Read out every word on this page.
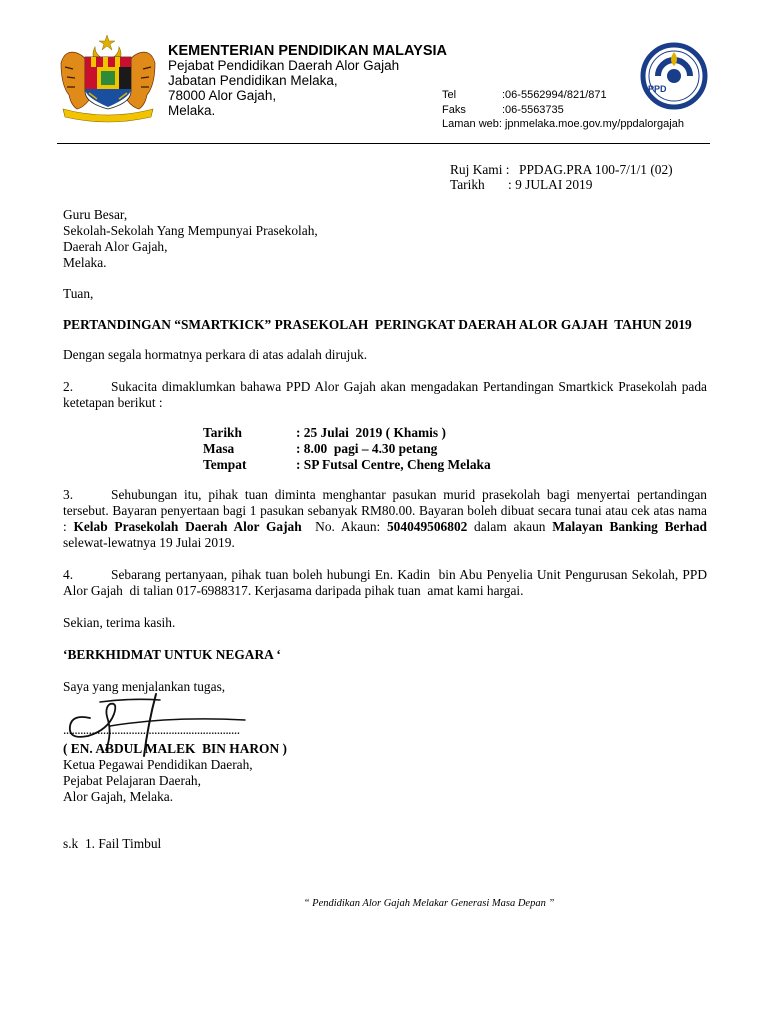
.
KEMENTERIAN PENDIDIKAN MALAYSIA
Pejabat Pendidikan Daerah Alor Gajah
Jabatan Pendidikan Melaka,
78000 Alor Gajah,
Melaka.
Tel	:06-5562994/821/871
Faks	:06-5563735
Laman web: jpnmelaka.moe.gov.my/ppdalorgajah
PPD
Ruj Kami : PPDAG.PRA 100-7/1/1 (02)
Tarikh : 9 JULAI 2019
Guru Besar,
Sekolah-Sekolah Yang Mempunyai Prasekolah,
Daerah Alor Gajah,
Melaka.
Tuan,
PERTANDINGAN “SMARTKICK” PRASEKOLAH  PERINGKAT DAERAH ALOR GAJAH  TAHUN 2019
Dengan segala hormatnya perkara di atas adalah dirujuk.
2.	Sukacita dimaklumkan bahawa PPD Alor Gajah akan mengadakan Pertandingan Smartkick Prasekolah pada ketetapan berikut :
Tarikh	: 25 Julai  2019 ( Khamis )
Masa	: 8.00  pagi – 4.30 petang
Tempat	: SP Futsal Centre, Cheng Melaka
3.	Sehubungan itu, pihak tuan diminta menghantar pasukan murid prasekolah bagi menyertai pertandingan tersebut. Bayaran penyertaan bagi 1 pasukan sebanyak RM80.00. Bayaran boleh dibuat secara tunai atau cek atas nama : Kelab Prasekolah Daerah Alor Gajah  No. Akaun: 504049506802 dalam akaun Malayan Banking Berhad selewat-lewatnya 19 Julai 2019.
4.	Sebarang pertanyaan, pihak tuan boleh hubungi En. Kadin  bin Abu Penyelia Unit Pengurusan Sekolah, PPD Alor Gajah  di talian 017-6988317. Kerjasama daripada pihak tuan  amat kami hargai.
Sekian, terima kasih.
‘BERKHIDMAT UNTUK NEGARA ‘
Saya yang menjalankan tugas,
..............................................................
( EN. ABDUL MALEK  BIN HARON )
Ketua Pegawai Pendidikan Daerah,
Pejabat Pelajaran Daerah,
Alor Gajah, Melaka.
s.k  1. Fail Timbul
“ Pendidikan Alor Gajah Melakar Generasi Masa Depan ”
